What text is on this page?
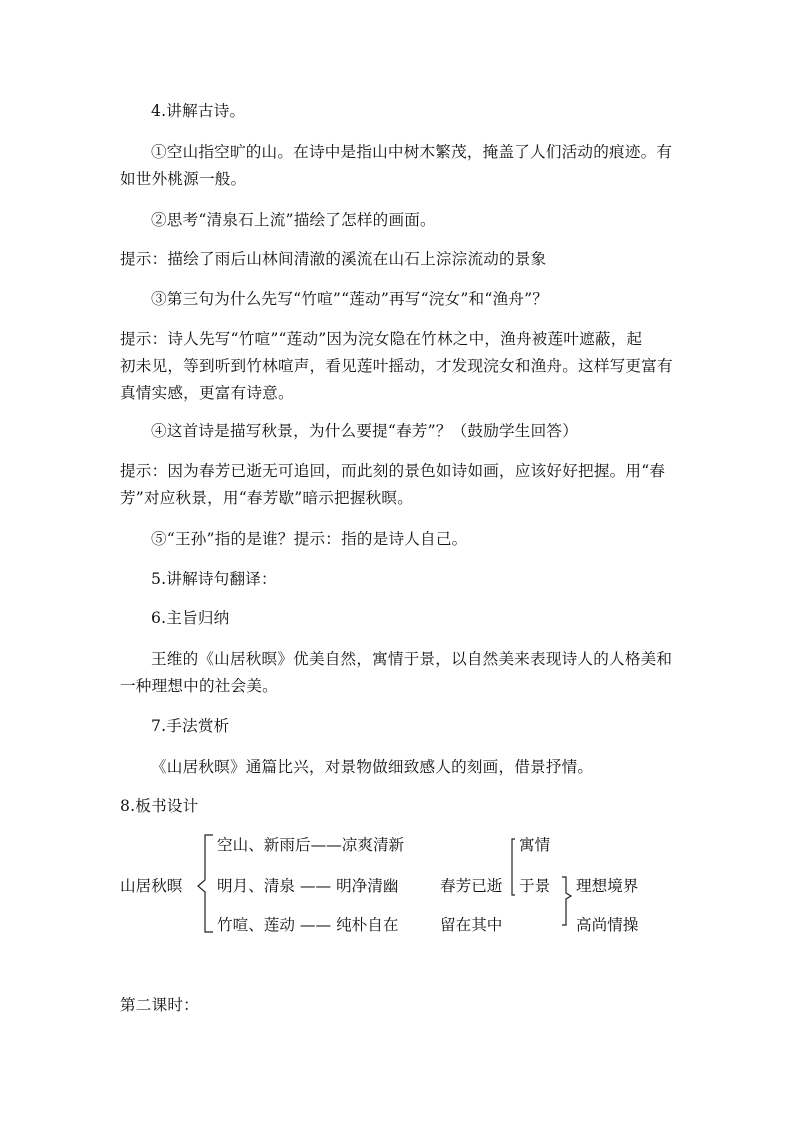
4.讲解古诗。
①空山指空旷的山。在诗中是指山中树木繁茂，掩盖了人们活动的痕迹。有
如世外桃源一般。
②思考“清泉石上流”描绘了怎样的画面。
提示：描绘了雨后山林间清澈的溪流在山石上淙淙流动的景象
③第三句为什么先写“竹喧”“莲动”再写“浣女”和“渔舟”？
提示：诗人先写“竹喧”“莲动”因为浣女隐在竹林之中，渔舟被莲叶遮蔽，起
初未见，等到听到竹林喧声，看见莲叶摇动，才发现浣女和渔舟。这样写更富有
真情实感，更富有诗意。
④这首诗是描写秋景，为什么要提“春芳”？（鼓励学生回答）
提示：因为春芳已逝无可追回，而此刻的景色如诗如画，应该好好把握。用“春
芳”对应秋景，用“春芳歇”暗示把握秋暝。
⑤“王孙”指的是谁？提示：指的是诗人自己。
5.讲解诗句翻译：
6.主旨归纳
王维的《山居秋暝》优美自然，寓情于景，以自然美来表现诗人的人格美和
一种理想中的社会美。
7.手法赏析
《山居秋暝》通篇比兴，对景物做细致感人的刻画，借景抒情。
8.板书设计
山居秋暝
空山、新雨后——凉爽清新
明月、清泉 —— 明净清幽
竹喧、莲动 —— 纯朴自在
春芳已逝
留在其中
寓情
于景 理想境界
高尚情操
第二课时：
